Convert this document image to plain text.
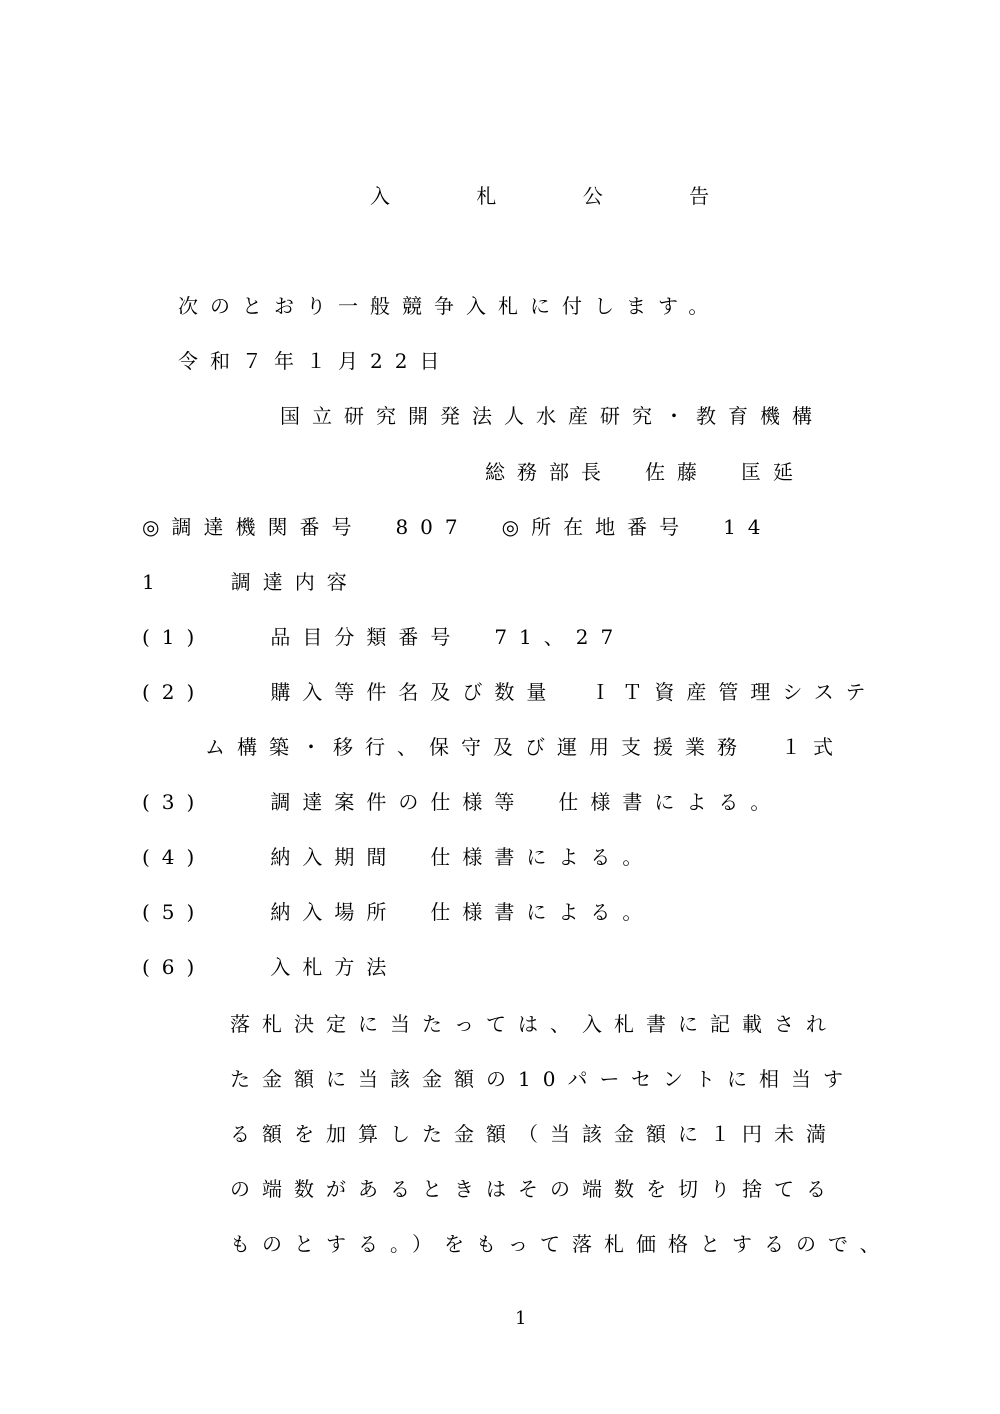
入 札 公 告

次のとおり一般競争入札に付します。

令和７年１月22日

国立研究開発法人水産研究・教育機構

総務部長　佐藤　匡延

◎調達機関番号　807　◎所在地番号　14

1　　調達内容

(1)　　品目分類番号　71、27

(2)　　購入等件名及び数量　ＩＴ資産管理システ

ム構築・移行、保守及び運用支援業務　１式

(3)　　調達案件の仕様等　仕様書による。

(4)　　納入期間　仕様書による。

(5)　　納入場所　仕様書による。

(6)　　入札方法

落札決定に当たっては、入札書に記載され

た金額に当該金額の10パーセントに相当す

る額を加算した金額（当該金額に１円未満

の端数があるときはその端数を切り捨てる

ものとする。）をもって落札価格とするので、

1
